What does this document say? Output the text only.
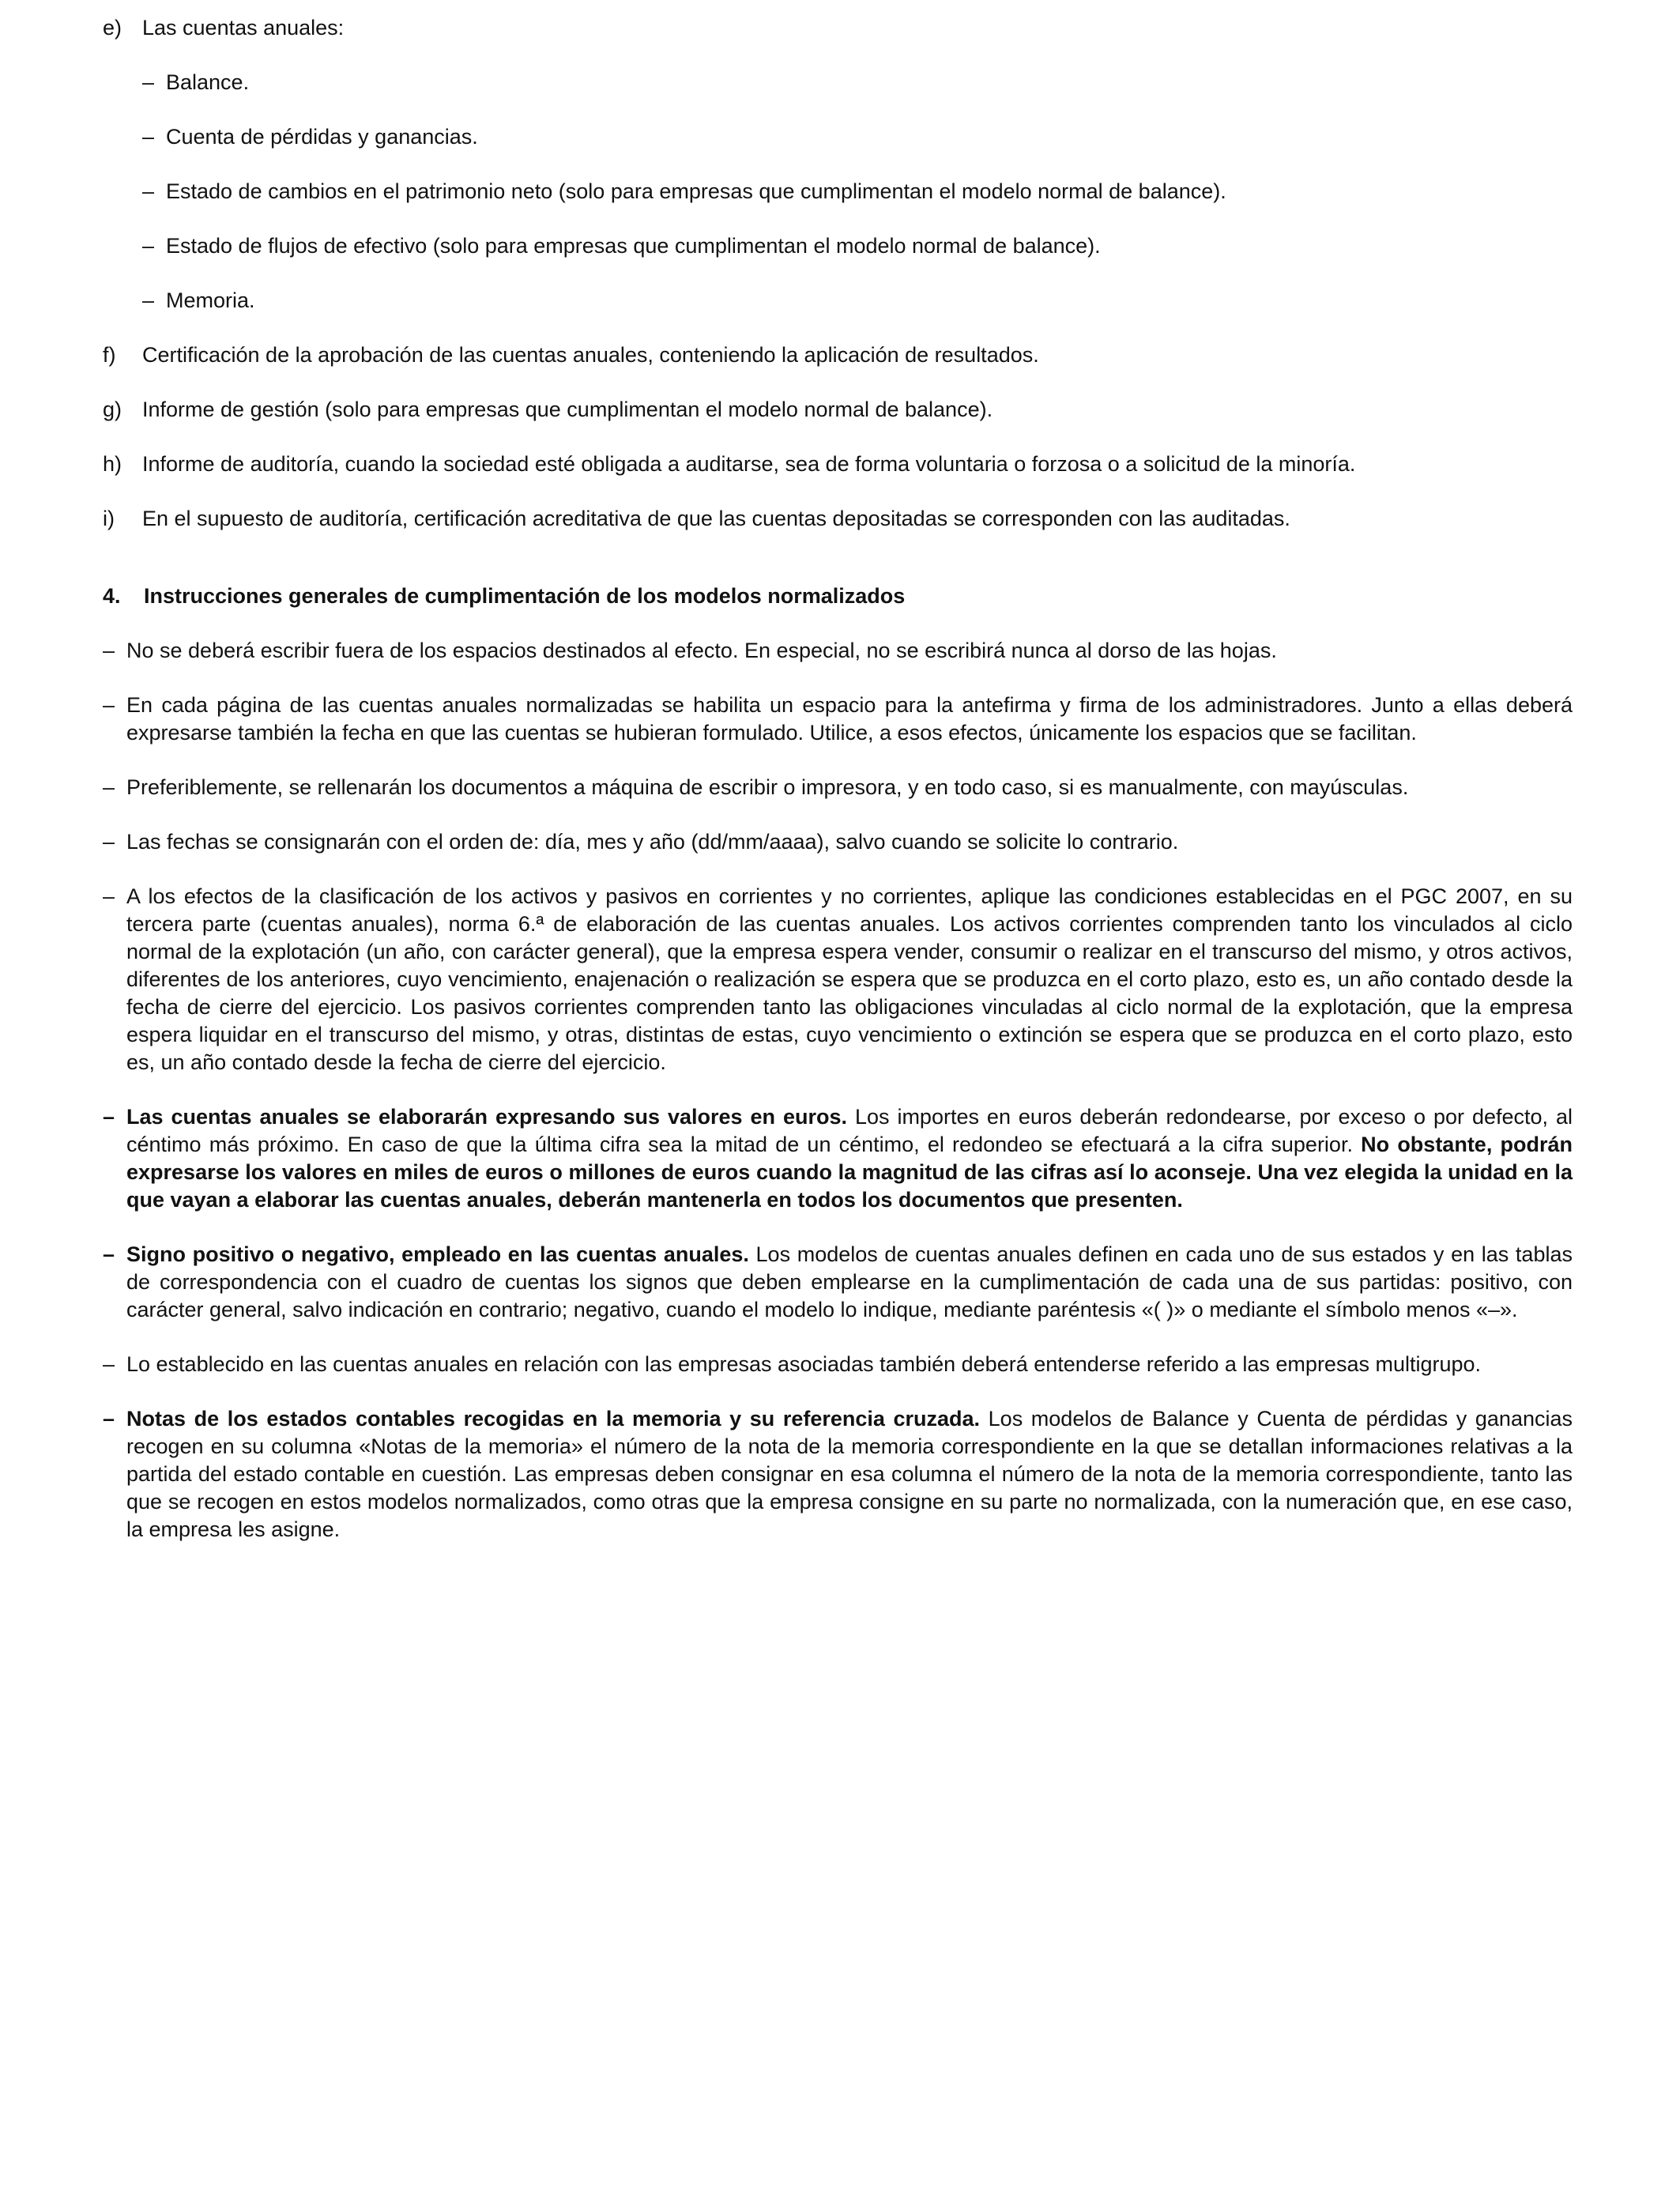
e) Las cuentas anuales:
– Balance.
– Cuenta de pérdidas y ganancias.
– Estado de cambios en el patrimonio neto (solo para empresas que cumplimentan el modelo normal de balance).
– Estado de flujos de efectivo (solo para empresas que cumplimentan el modelo normal de balance).
– Memoria.
f) Certificación de la aprobación de las cuentas anuales, conteniendo la aplicación de resultados.
g) Informe de gestión (solo para empresas que cumplimentan el modelo normal de balance).
h) Informe de auditoría, cuando la sociedad esté obligada a auditarse, sea de forma voluntaria o forzosa o a solicitud de la minoría.
i) En el supuesto de auditoría, certificación acreditativa de que las cuentas depositadas se corresponden con las auditadas.
4. Instrucciones generales de cumplimentación de los modelos normalizados
– No se deberá escribir fuera de los espacios destinados al efecto. En especial, no se escribirá nunca al dorso de las hojas.
– En cada página de las cuentas anuales normalizadas se habilita un espacio para la antefirma y firma de los administradores. Junto a ellas deberá expresarse también la fecha en que las cuentas se hubieran formulado. Utilice, a esos efectos, únicamente los espacios que se facilitan.
– Preferiblemente, se rellenarán los documentos a máquina de escribir o impresora, y en todo caso, si es manualmente, con mayúsculas.
– Las fechas se consignarán con el orden de: día, mes y año (dd/mm/aaaa), salvo cuando se solicite lo contrario.
– A los efectos de la clasificación de los activos y pasivos en corrientes y no corrientes, aplique las condiciones establecidas en el PGC 2007, en su tercera parte (cuentas anuales), norma 6.ª de elaboración de las cuentas anuales. Los activos corrientes comprenden tanto los vinculados al ciclo normal de la explotación (un año, con carácter general), que la empresa espera vender, consumir o realizar en el transcurso del mismo, y otros activos, diferentes de los anteriores, cuyo vencimiento, enajenación o realización se espera que se produzca en el corto plazo, esto es, un año contado desde la fecha de cierre del ejercicio. Los pasivos corrientes comprenden tanto las obligaciones vinculadas al ciclo normal de la explotación, que la empresa espera liquidar en el transcurso del mismo, y otras, distintas de estas, cuyo vencimiento o extinción se espera que se produzca en el corto plazo, esto es, un año contado desde la fecha de cierre del ejercicio.
– Las cuentas anuales se elaborarán expresando sus valores en euros. Los importes en euros deberán redondearse, por exceso o por defecto, al céntimo más próximo. En caso de que la última cifra sea la mitad de un céntimo, el redondeo se efectuará a la cifra superior. No obstante, podrán expresarse los valores en miles de euros o millones de euros cuando la magnitud de las cifras así lo aconseje. Una vez elegida la unidad en la que vayan a elaborar las cuentas anuales, deberán mantenerla en todos los documentos que presenten.
– Signo positivo o negativo, empleado en las cuentas anuales. Los modelos de cuentas anuales definen en cada uno de sus estados y en las tablas de correspondencia con el cuadro de cuentas los signos que deben emplearse en la cumplimentación de cada una de sus partidas: positivo, con carácter general, salvo indicación en contrario; negativo, cuando el modelo lo indique, mediante paréntesis «( )» o mediante el símbolo menos «–».
– Lo establecido en las cuentas anuales en relación con las empresas asociadas también deberá entenderse referido a las empresas multigrupo.
– Notas de los estados contables recogidas en la memoria y su referencia cruzada. Los modelos de Balance y Cuenta de pérdidas y ganancias recogen en su columna «Notas de la memoria» el número de la nota de la memoria correspondiente en la que se detallan informaciones relativas a la partida del estado contable en cuestión. Las empresas deben consignar en esa columna el número de la nota de la memoria correspondiente, tanto las que se recogen en estos modelos normalizados, como otras que la empresa consigne en su parte no normalizada, con la numeración que, en ese caso, la empresa les asigne.
